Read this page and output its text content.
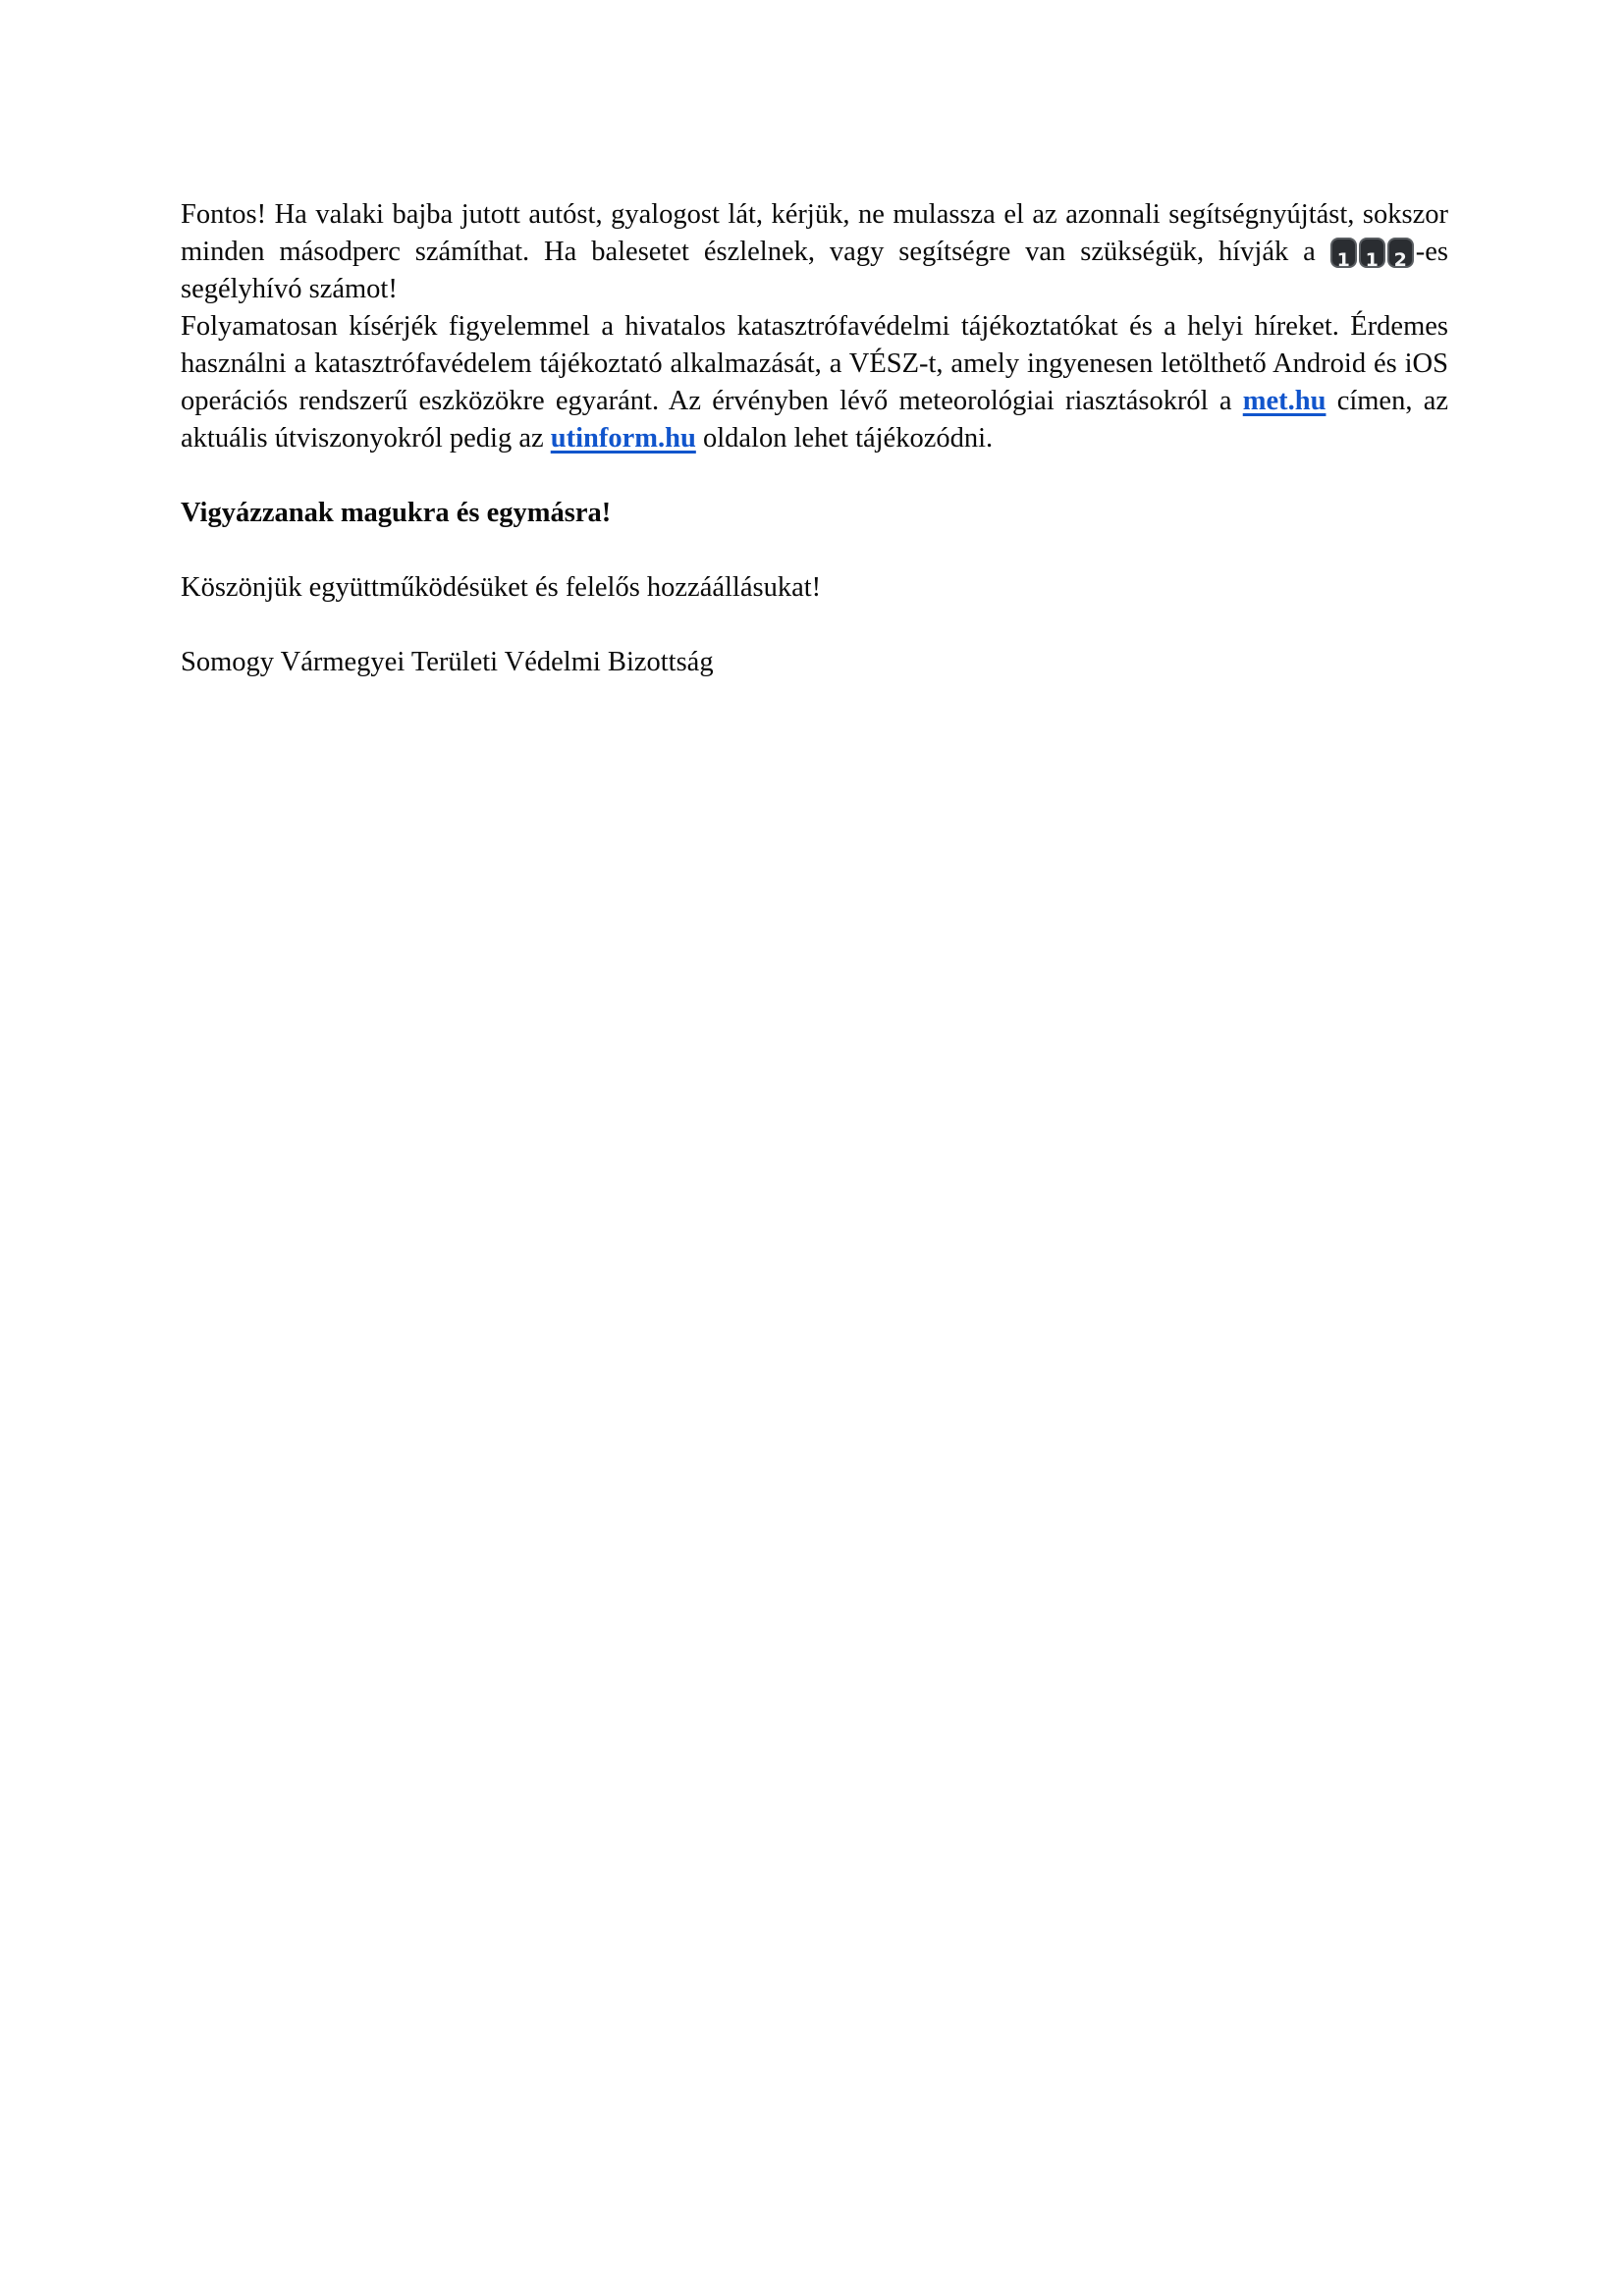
Fontos! Ha valaki bajba jutott autóst, gyalogost lát, kérjük, ne mulassza el az azonnali segítségnyújtást, sokszor minden másodperc számíthat. Ha balesetet észlelnek, vagy segítségre van szükségük, hívják a 1 1 2 -es segélyhívó számot!

Folyamatosan kísérjék figyelemmel a hivatalos katasztrófavédelmi tájékoztatókat és a helyi híreket. Érdemes használni a katasztrófavédelem tájékoztató alkalmazását, a VÉSZ-t, amely ingyenesen letölthető Android és iOS operációs rendszerű eszközökre egyaránt. Az érvényben lévő meteorológiai riasztásokról a met.hu címen, az aktuális útviszonyokról pedig az utinform.hu oldalon lehet tájékozódni.

Vigyázzanak magukra és egymásra!

Köszönjük együttműködésüket és felelős hozzáállásukat!

Somogy Vármegyei Területi Védelmi Bizottság
